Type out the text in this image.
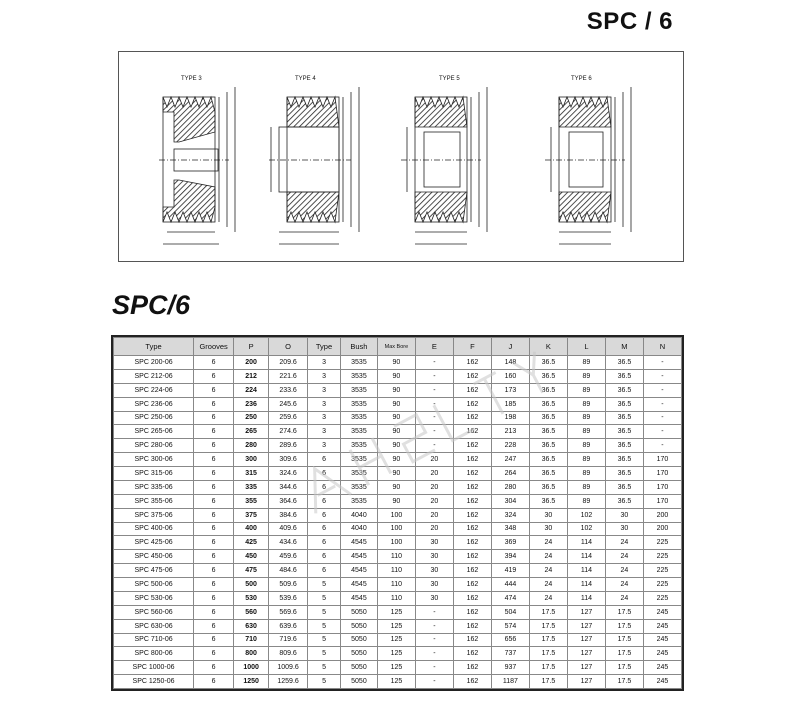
SPC / 6
TYPE 3	TYPE 4	TYPE 5	TYPE 6
SPC/6
Type	Grooves	P	O	Type	Bush	Max Bore	E	F	J	K	L	M	N
SPC 200-06	6	200	209.6	3	3535	90	-	162	148	36.5	89	36.5	-
SPC 212-06	6	212	221.6	3	3535	90	-	162	160	36.5	89	36.5	-
SPC 224-06	6	224	233.6	3	3535	90	-	162	173	36.5	89	36.5	-
SPC 236-06	6	236	245.6	3	3535	90	-	162	185	36.5	89	36.5	-
SPC 250-06	6	250	259.6	3	3535	90	-	162	198	36.5	89	36.5	-
SPC 265-06	6	265	274.6	3	3535	90	-	162	213	36.5	89	36.5	-
SPC 280-06	6	280	289.6	3	3535	90	-	162	228	36.5	89	36.5	-
SPC 300-06	6	300	309.6	6	3535	90	20	162	247	36.5	89	36.5	170
SPC 315-06	6	315	324.6	6	3535	90	20	162	264	36.5	89	36.5	170
SPC 335-06	6	335	344.6	6	3535	90	20	162	280	36.5	89	36.5	170
SPC 355-06	6	355	364.6	6	3535	90	20	162	304	36.5	89	36.5	170
SPC 375-06	6	375	384.6	6	4040	100	20	162	324	30	102	30	200
SPC 400-06	6	400	409.6	6	4040	100	20	162	348	30	102	30	200
SPC 425-06	6	425	434.6	6	4545	100	30	162	369	24	114	24	225
SPC 450-06	6	450	459.6	6	4545	110	30	162	394	24	114	24	225
SPC 475-06	6	475	484.6	6	4545	110	30	162	419	24	114	24	225
SPC 500-06	6	500	509.6	5	4545	110	30	162	444	24	114	24	225
SPC 530-06	6	530	539.6	5	4545	110	30	162	474	24	114	24	225
SPC 560-06	6	560	569.6	5	5050	125	-	162	504	17.5	127	17.5	245
SPC 630-06	6	630	639.6	5	5050	125	-	162	574	17.5	127	17.5	245
SPC 710-06	6	710	719.6	5	5050	125	-	162	656	17.5	127	17.5	245
SPC 800-06	6	800	809.6	5	5050	125	-	162	737	17.5	127	17.5	245
SPC 1000-06	6	1000	1009.6	5	5050	125	-	162	937	17.5	127	17.5	245
SPC 1250-06	6	1250	1259.6	5	5050	125	-	162	1187	17.5	127	17.5	245
